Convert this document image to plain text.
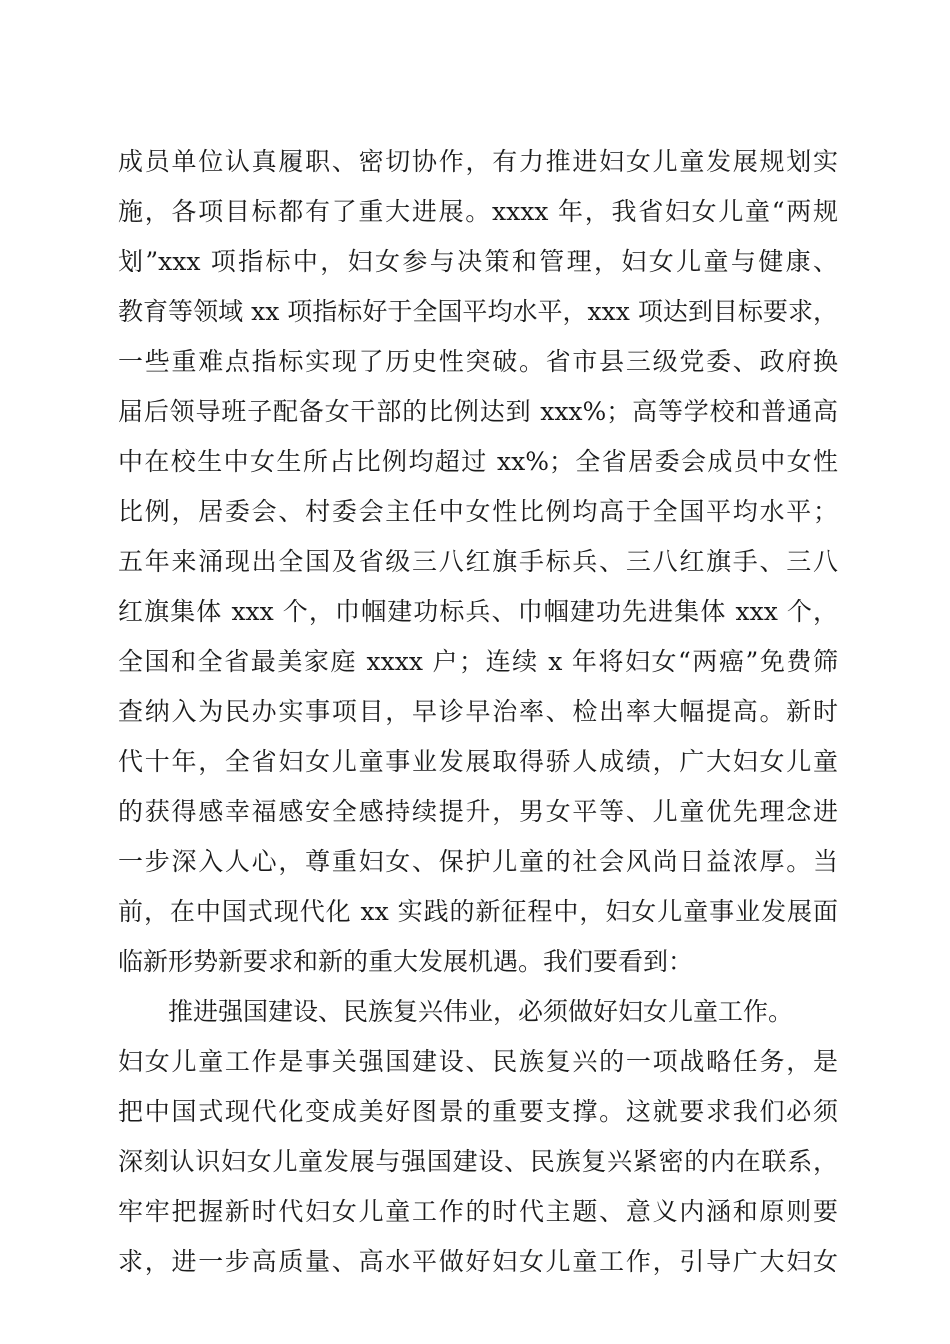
成员单位认真履职、密切协作，有力推进妇女儿童发展规划实
施，各项目标都有了重大进展。xxxx 年，我省妇女儿童“两规
划”xxx 项指标中，妇女参与决策和管理，妇女儿童与健康、
教育等领域 xx 项指标好于全国平均水平，xxx 项达到目标要求，
一些重难点指标实现了历史性突破。省市县三级党委、政府换
届后领导班子配备女干部的比例达到 xxx%；高等学校和普通高
中在校生中女生所占比例均超过 xx%；全省居委会成员中女性
比例，居委会、村委会主任中女性比例均高于全国平均水平；
五年来涌现出全国及省级三八红旗手标兵、三八红旗手、三八
红旗集体 xxx 个，巾帼建功标兵、巾帼建功先进集体 xxx 个，
全国和全省最美家庭 xxxx 户；连续 x 年将妇女“两癌”免费筛
查纳入为民办实事项目，早诊早治率、检出率大幅提高。新时
代十年，全省妇女儿童事业发展取得骄人成绩，广大妇女儿童
的获得感幸福感安全感持续提升，男女平等、儿童优先理念进
一步深入人心，尊重妇女、保护儿童的社会风尚日益浓厚。当
前，在中国式现代化 xx 实践的新征程中，妇女儿童事业发展面
临新形势新要求和新的重大发展机遇。我们要看到：
推进强国建设、民族复兴伟业，必须做好妇女儿童工作。
妇女儿童工作是事关强国建设、民族复兴的一项战略任务，是
把中国式现代化变成美好图景的重要支撑。这就要求我们必须
深刻认识妇女儿童发展与强国建设、民族复兴紧密的内在联系，
牢牢把握新时代妇女儿童工作的时代主题、意义内涵和原则要
求，进一步高质量、高水平做好妇女儿童工作，引导广大妇女
